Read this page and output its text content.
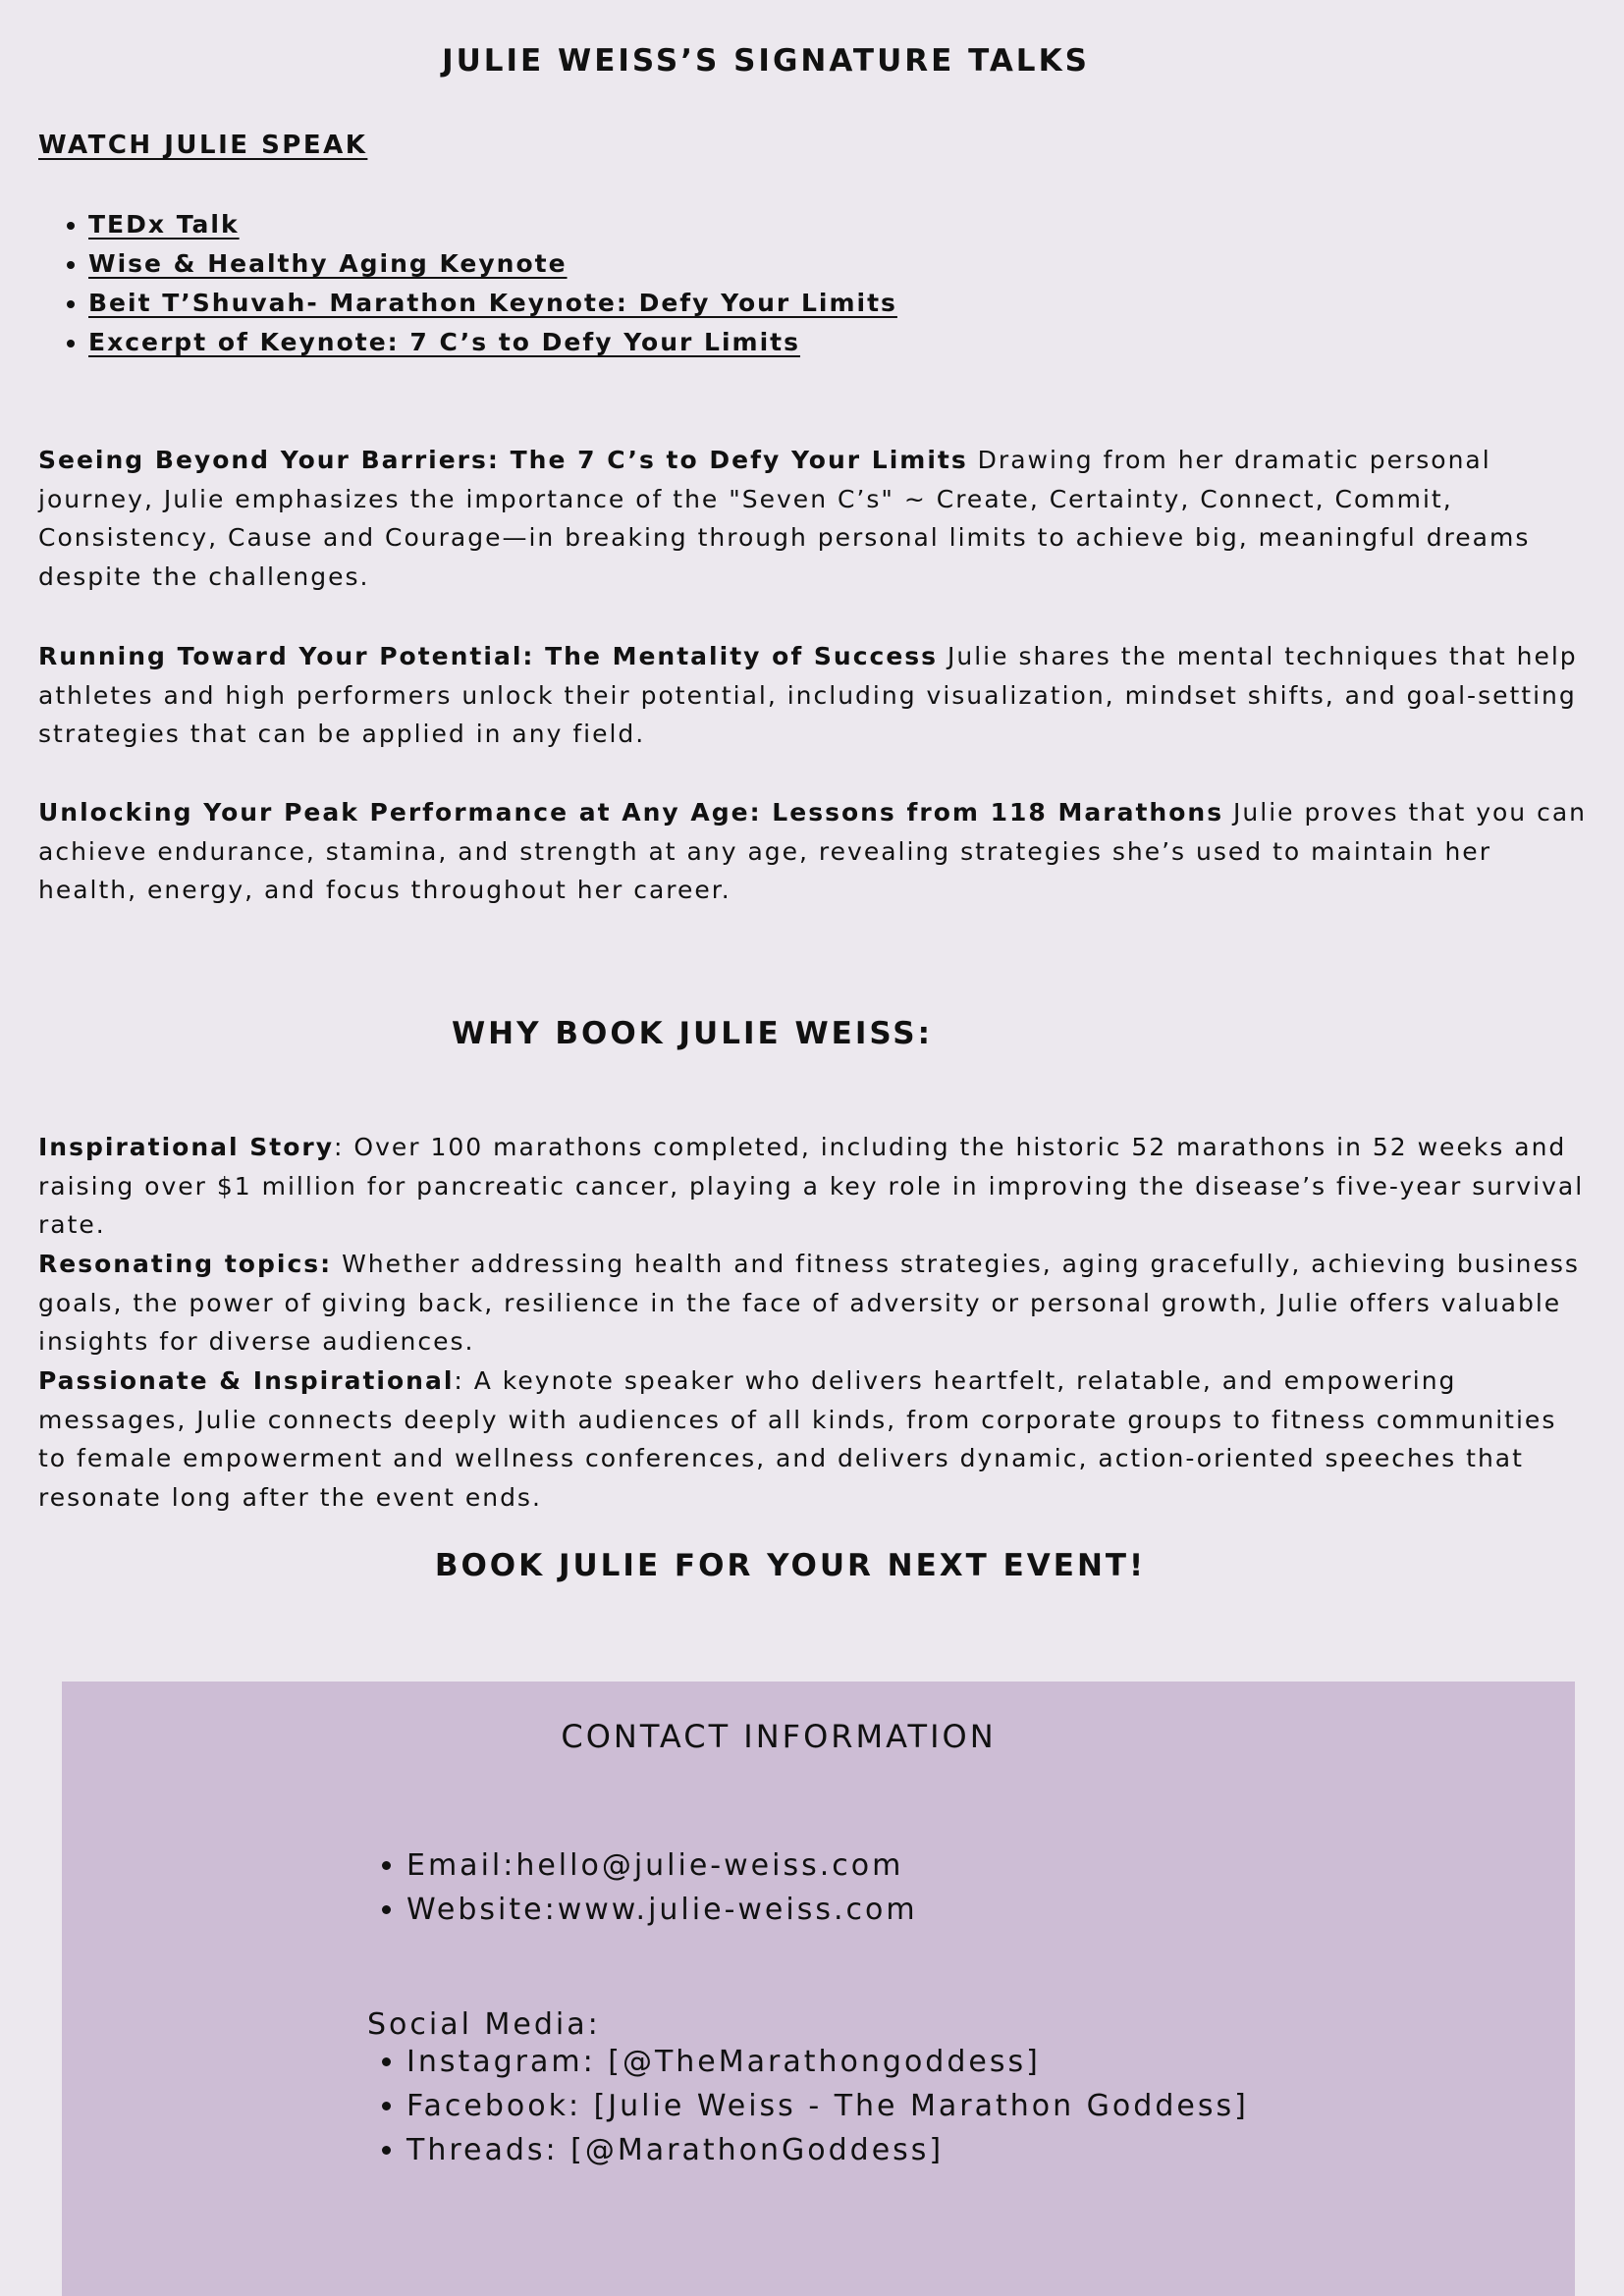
JULIE WEISS’S SIGNATURE TALKS
WATCH JULIE SPEAK
• TEDx Talk
• Wise & Healthy Aging Keynote
• Beit T’Shuvah- Marathon Keynote: Defy Your Limits
• Excerpt of Keynote: 7 C’s to Defy Your Limits

Seeing Beyond Your Barriers: The 7 C’s to Defy Your Limits Drawing from her dramatic personal journey, Julie emphasizes the importance of the "Seven C’s" ~ Create, Certainty, Connect, Commit, Consistency, Cause and Courage—in breaking through personal limits to achieve big, meaningful dreams despite the challenges.

Running Toward Your Potential: The Mentality of Success Julie shares the mental techniques that help athletes and high performers unlock their potential, including visualization, mindset shifts, and goal-setting strategies that can be applied in any field.

Unlocking Your Peak Performance at Any Age: Lessons from 118 Marathons Julie proves that you can achieve endurance, stamina, and strength at any age, revealing strategies she’s used to maintain her health, energy, and focus throughout her career.

WHY BOOK JULIE WEISS:

Inspirational Story: Over 100 marathons completed, including the historic 52 marathons in 52 weeks and raising over $1 million for pancreatic cancer, playing a key role in improving the disease’s five-year survival rate.

Resonating topics: Whether addressing health and fitness strategies, aging gracefully, achieving business goals, the power of giving back, resilience in the face of adversity or personal growth, Julie offers valuable insights for diverse audiences.

Passionate & Inspirational: A keynote speaker who delivers heartfelt, relatable, and empowering messages, Julie connects deeply with audiences of all kinds, from corporate groups to fitness communities to female empowerment and wellness conferences, and delivers dynamic, action-oriented speeches that resonate long after the event ends.

BOOK JULIE FOR YOUR NEXT EVENT!
CONTACT INFORMATION
• Email:hello@julie-weiss.com
• Website:www.julie-weiss.com
Social Media:
• Instagram: [@TheMarathongoddess]
• Facebook: [Julie Weiss - The Marathon Goddess]
• Threads: [@MarathonGoddess]
